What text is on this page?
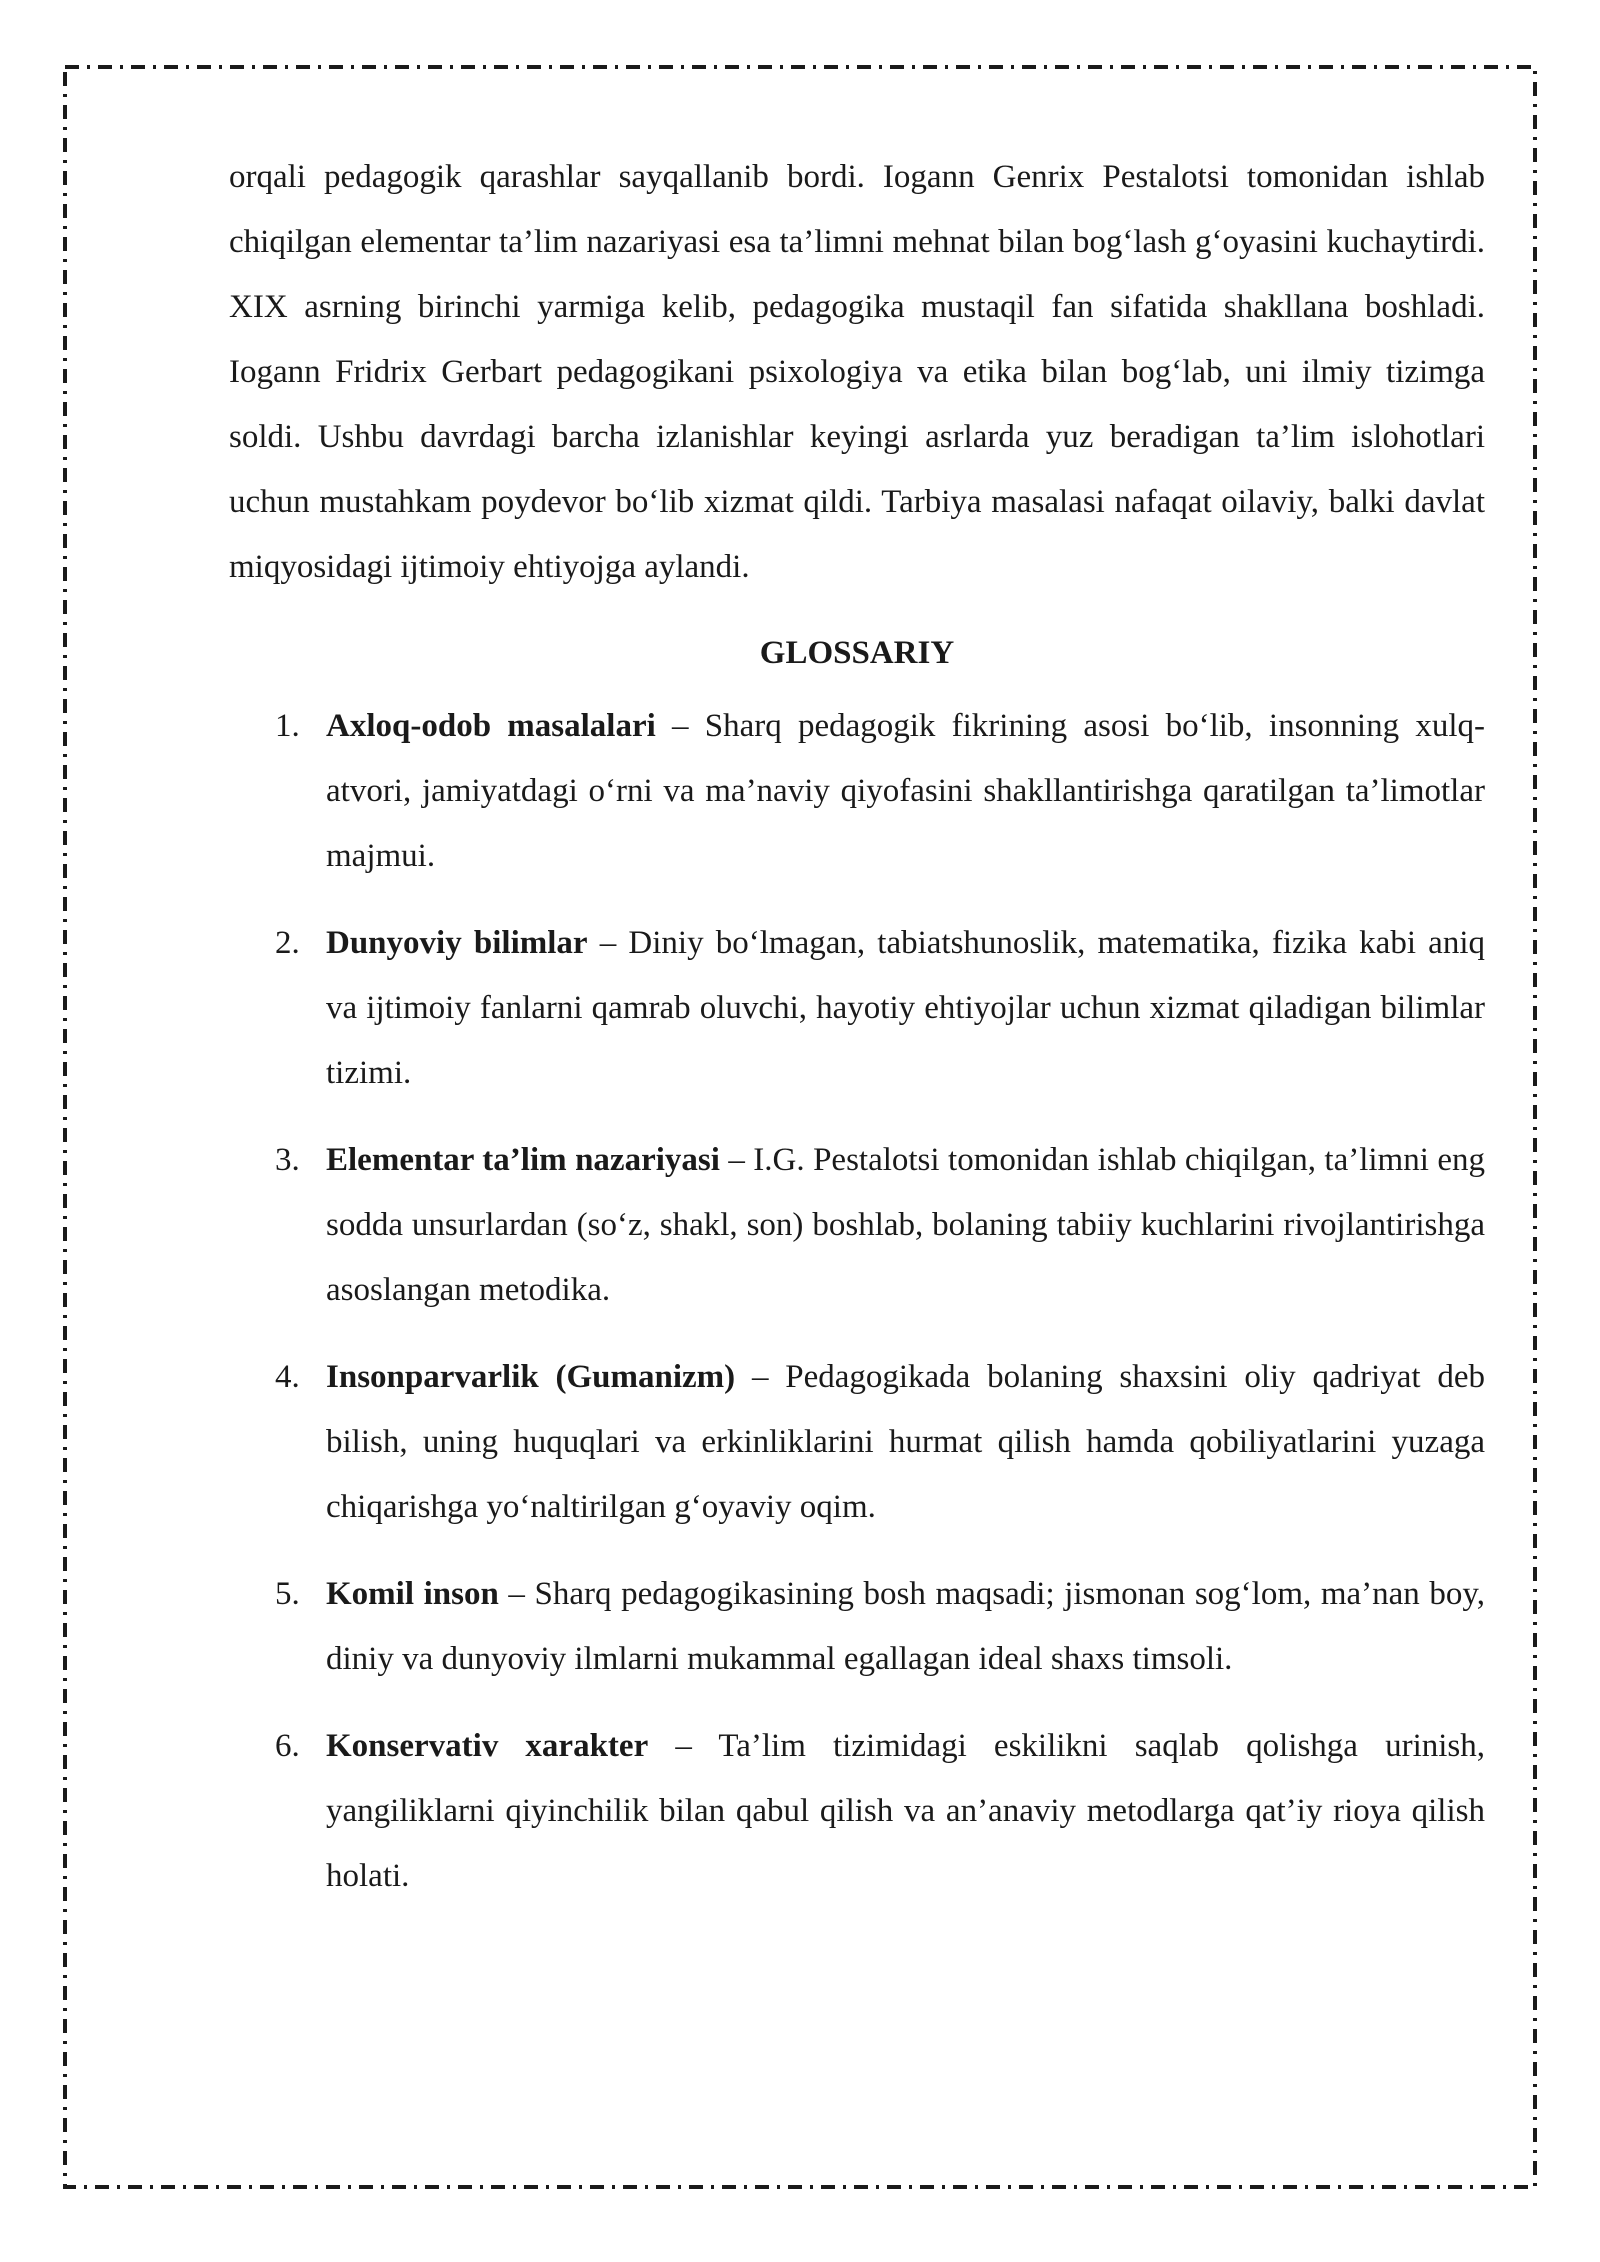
orqali pedagogik qarashlar sayqallanib bordi. Iogann Genrix Pestalotsi tomonidan ishlab chiqilgan elementar ta’lim nazariyasi esa ta’limni mehnat bilan bog‘lash g‘oyasini kuchaytirdi. XIX asrning birinchi yarmiga kelib, pedagogika mustaqil fan sifatida shakllana boshladi. Iogann Fridrix Gerbart pedagogikani psixologiya va etika bilan bog‘lab, uni ilmiy tizimga soldi. Ushbu davrdagi barcha izlanishlar keyingi asrlarda yuz beradigan ta’lim islohotlari uchun mustahkam poydevor bo‘lib xizmat qildi. Tarbiya masalasi nafaqat oilaviy, balki davlat miqyosidagi ijtimoiy ehtiyojga aylandi.

GLOSSARIY
1. Axloq-odob masalalari – Sharq pedagogik fikrining asosi bo‘lib, insonning xulq-atvori, jamiyatdagi o‘rni va ma’naviy qiyofasini shakllantirishga qaratilgan ta’limotlar majmui.
2. Dunyoviy bilimlar – Diniy bo‘lmagan, tabiatshunoslik, matematika, fizika kabi aniq va ijtimoiy fanlarni qamrab oluvchi, hayotiy ehtiyojlar uchun xizmat qiladigan bilimlar tizimi.
3. Elementar ta’lim nazariyasi – I.G. Pestalotsi tomonidan ishlab chiqilgan, ta’limni eng sodda unsurlardan (so‘z, shakl, son) boshlab, bolaning tabiiy kuchlarini rivojlantirishga asoslangan metodika.
4. Insonparvarlik (Gumanizm) – Pedagogikada bolaning shaxsini oliy qadriyat deb bilish, uning huquqlari va erkinliklarini hurmat qilish hamda qobiliyatlarini yuzaga chiqarishga yo‘naltirilgan g‘oyaviy oqim.
5. Komil inson – Sharq pedagogikasining bosh maqsadi; jismonan sog‘lom, ma’nan boy, diniy va dunyoviy ilmlarni mukammal egallagan ideal shaxs timsoli.
6. Konservativ xarakter – Ta’lim tizimidagi eskilikni saqlab qolishga urinish, yangiliklarni qiyinchilik bilan qabul qilish va an’anaviy metodlarga qat’iy rioya qilish holati.
